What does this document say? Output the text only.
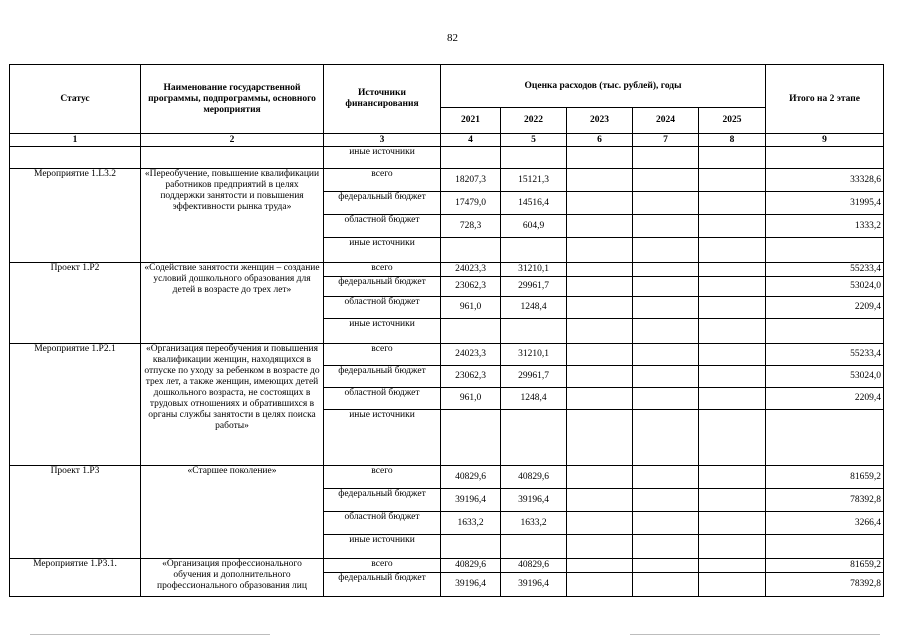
82
Статус	Наименование государственной программы, подпрограммы, основного мероприятия	Источники финансирования	Оценка расходов (тыс. рублей), годы					Итого на 2 этапе
			2021	2022	2023	2024	2025	
1	2	3	4	5	6	7	8	9
		иные источники						
Мероприятие 1.L3.2	«Переобучение, повышение квалификации работников предприятий в целях поддержки занятости и повышения эффективности рынка труда»	всего	18207,3	15121,3				33328,6
		федеральный бюджет	17479,0	14516,4				31995,4
		областной бюджет	728,3	604,9				1333,2
		иные источники						
Проект 1.P2	«Содействие занятости женщин – создание условий дошкольного образования для детей в возрасте до трех лет»	всего	24023,3	31210,1				55233,4
		федеральный бюджет	23062,3	29961,7				53024,0
		областной бюджет	961,0	1248,4				2209,4
		иные источники						
Мероприятие 1.P2.1	«Организация переобучения и повышения квалификации женщин, находящихся в отпуске по уходу за ребенком в возрасте до трех лет, а также женщин, имеющих детей дошкольного возраста, не состоящих в трудовых отношениях и обратившихся в органы службы занятости в целях поиска работы»	всего	24023,3	31210,1				55233,4
		федеральный бюджет	23062,3	29961,7				53024,0
		областной бюджет	961,0	1248,4				2209,4
		иные источники						
Проект 1.P3	«Старшее поколение»	всего	40829,6	40829,6				81659,2
		федеральный бюджет	39196,4	39196,4				78392,8
		областной бюджет	1633,2	1633,2				3266,4
		иные источники						
Мероприятие 1.P3.1.	«Организация профессионального обучения и дополнительного профессионального образования лиц	всего	40829,6	40829,6				81659,2
		федеральный бюджет	39196,4	39196,4				78392,8
